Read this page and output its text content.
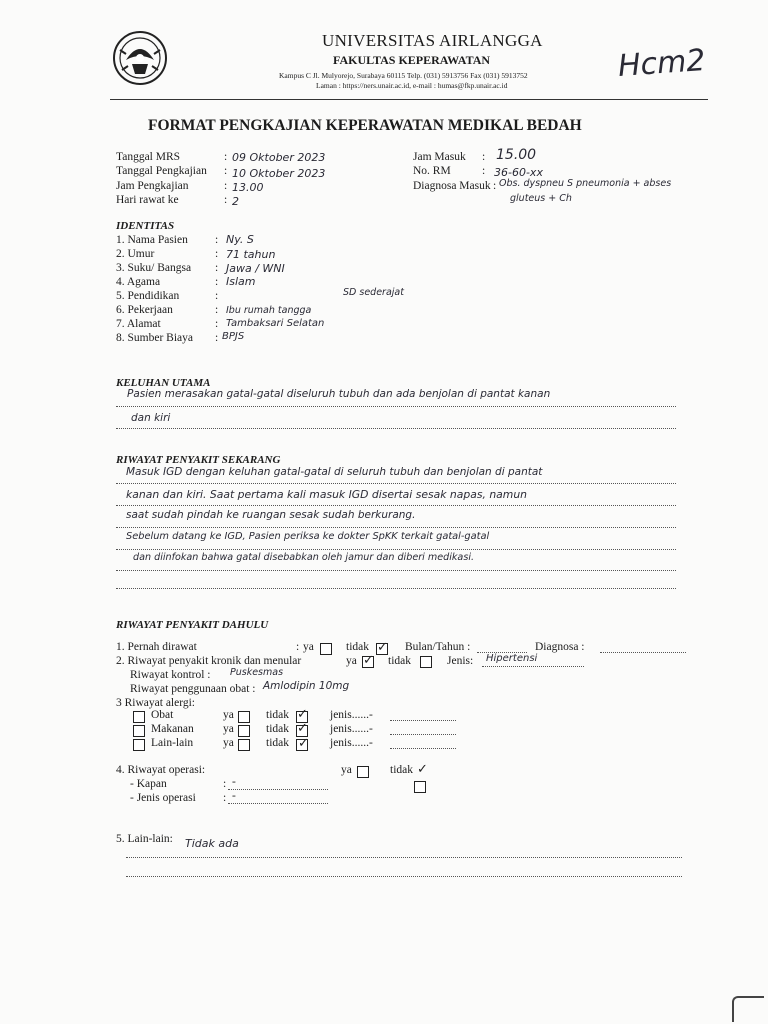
UNIVERSITAS AIRLANGGA
FAKULTAS KEPERAWATAN
Kampus C Jl. Mulyorejo, Surabaya 60115 Telp. (031) 5913756 Fax (031) 5913752
Laman : https://ners.unair.ac.id, e-mail : humas@fkp.unair.ac.id
Hcm2
FORMAT PENGKAJIAN KEPERAWATAN MEDIKAL BEDAH
Tanggal MRS	: 09 Oktober 2023
Tanggal Pengkajian : 10 Oktober 2023
Jam Pengkajian	: 13.00
Hari rawat ke	: 2
Jam Masuk : 15.00
No. RM	: 36-60-xx
Diagnosa Masuk : Obs. dyspneu S pneumonia + abses
gluteus + Ch
IDENTITAS
1. Nama Pasien : Ny. S
2. Umur	: 71 tahun
3. Suku/ Bangsa : Jawa / WNI
4. Agama	: Islam
5. Pendidikan	:	SD sederajat
6. Pekerjaan	: Ibu rumah tangga
7. Alamat	: Tambaksari Selatan
8. Sumber Biaya : BPJS
KELUHAN UTAMA
Pasien merasakan gatal-gatal diseluruh tubuh dan ada benjolan di pantat kanan
dan kiri
RIWAYAT PENYAKIT SEKARANG
Masuk IGD dengan keluhan gatal-gatal di seluruh tubuh dan benjolan di pantat
kanan dan kiri. Saat pertama kali masuk IGD disertai sesak napas, namun
saat sudah pindah ke ruangan sesak sudah berkurang.
Sebelum datang ke IGD, Pasien periksa ke dokter SpKK terkait gatal-gatal
dan diinfokan bahwa gatal disebabkan oleh jamur dan diberi medikasi.
RIWAYAT PENYAKIT DAHULU
1. Pernah dirawat	: ya	tidak ✓ Bulan/Tahun :	Diagnosa :
2. Riwayat penyakit kronik dan menular	ya ✓ tidak	Jenis: Hipertensi
Riwayat kontrol : Puskesmas
Riwayat penggunaan obat : Amlodipin 10mg
3 Riwayat alergi:
Obat	ya	tidak ✓ jenis......-
Makanan	ya	tidak ✓ jenis......-
Lain-lain	ya	tidak ✓ jenis......-
4. Riwayat operasi:	ya	tidak ✓
- Kapan	: -
- Jenis operasi : -
5. Lain-lain: Tidak ada
